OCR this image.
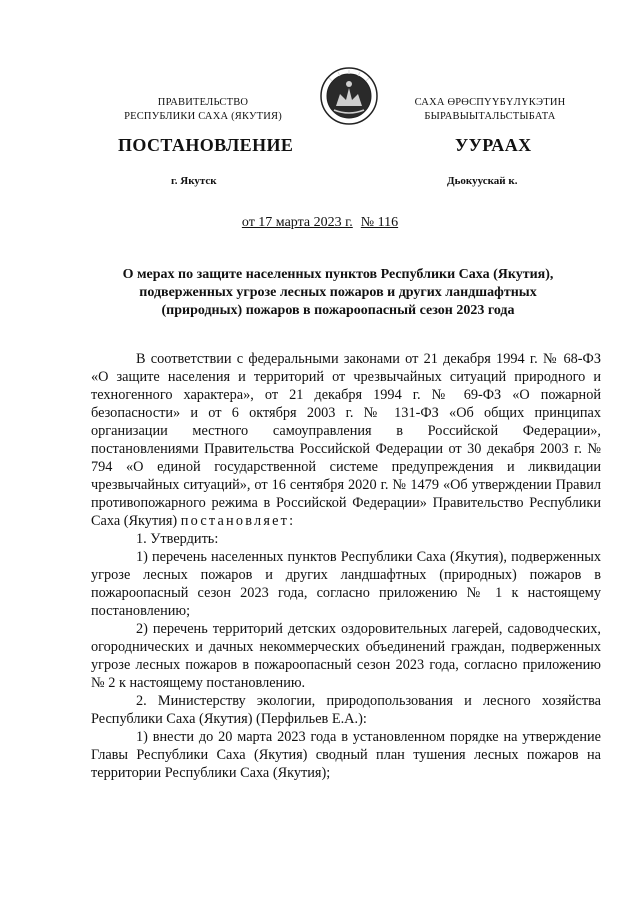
ПРАВИТЕЛЬСТВО
РЕСПУБЛИКИ САХА (ЯКУТИЯ)
САХА ӨРӨСПҮҮБҮЛҮКЭТИН
БЫРАВЫЫТАЛЬСТЫБАТА
ПОСТАНОВЛЕНИЕ	УУРААХ
г. Якутск	Дьокуускай к.
от 17 марта 2023 г. № 116
О мерах по защите населенных пунктов Республики Саха (Якутия),
подверженных угрозе лесных пожаров и других ландшафтных
(природных) пожаров в пожароопасный сезон 2023 года

В соответствии с федеральными законами от 21 декабря 1994 г. № 68-ФЗ «О защите населения и территорий от чрезвычайных ситуаций природного и техногенного характера», от 21 декабря 1994 г. № 69-ФЗ «О пожарной безопасности» и от 6 октября 2003 г. № 131-ФЗ «Об общих принципах организации местного самоуправления в Российской Федерации», постановлениями Правительства Российской Федерации от 30 декабря 2003 г. № 794 «О единой государственной системе предупреждения и ликвидации чрезвычайных ситуаций», от 16 сентября 2020 г. № 1479 «Об утверждении Правил противопожарного режима в Российской Федерации» Правительство Республики Саха (Якутия) постановляет:

1. Утвердить:

1) перечень населенных пунктов Республики Саха (Якутия), подверженных угрозе лесных пожаров и других ландшафтных (природных) пожаров в пожароопасный сезон 2023 года, согласно приложению № 1 к настоящему постановлению;

2) перечень территорий детских оздоровительных лагерей, садоводческих, огороднических и дачных некоммерческих объединений граждан, подверженных угрозе лесных пожаров в пожароопасный сезон 2023 года, согласно приложению № 2 к настоящему постановлению.

2. Министерству экологии, природопользования и лесного хозяйства Республики Саха (Якутия) (Перфильев Е.А.):

1) внести до 20 марта 2023 года в установленном порядке на утверждение Главы Республики Саха (Якутия) сводный план тушения лесных пожаров на территории Республики Саха (Якутия);
